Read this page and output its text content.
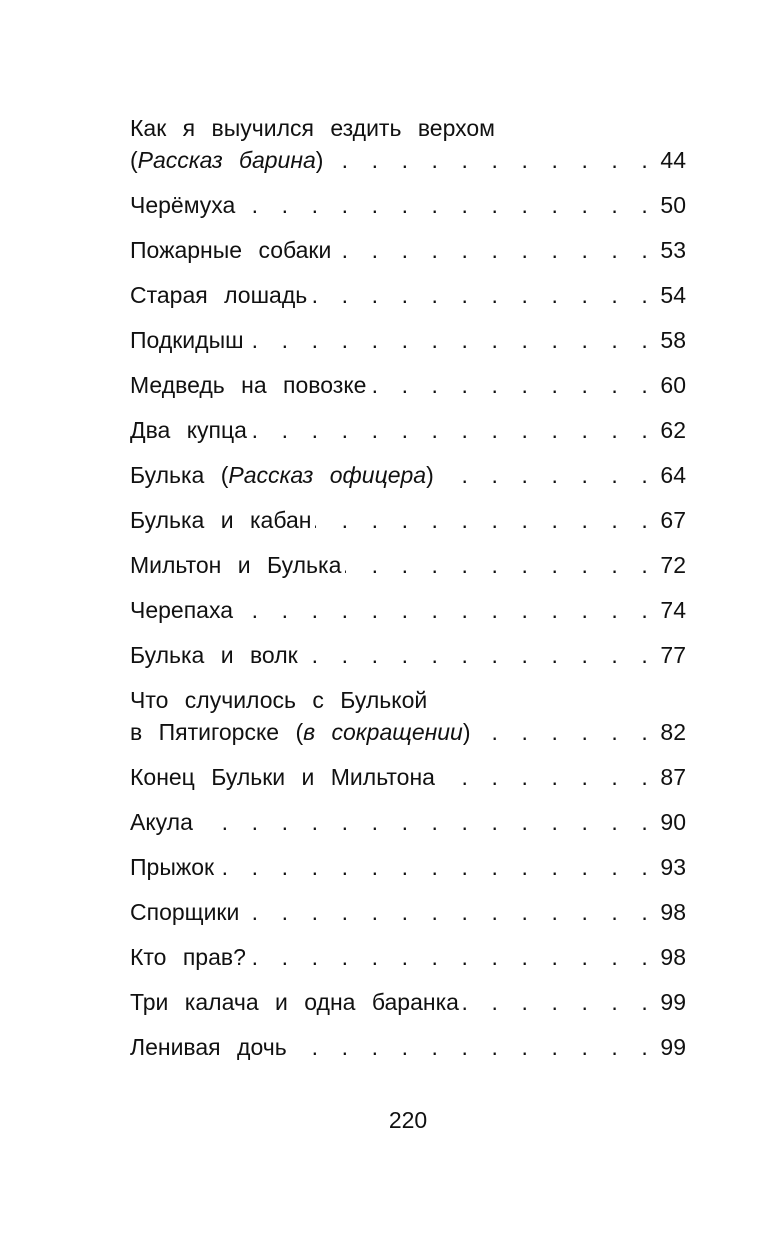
Как я выучился ездить верхом
(Рассказ барина) . . .	44
Черёмуха . . .	50
Пожарные собаки . . .	53
Старая лошадь . . .	54
Подкидыш . . .	58
Медведь на повозке . . .	60
Два купца . . .	62
Булька (Рассказ офицера) . . .	64
Булька и кабан . . .	67
Мильтон и Булька . . .	72
Черепаха . . .	74
Булька и волк . . .	77
Что случилось с Булькой
в Пятигорске (в сокращении) . . .	82
Конец Бульки и Мильтона . . .	87
Акула . . .	90
Прыжок . . .	93
Спорщики . . .	98
Кто прав? . . .	98
Три калача и одна баранка . . .	99
Ленивая дочь . . .	99
220
